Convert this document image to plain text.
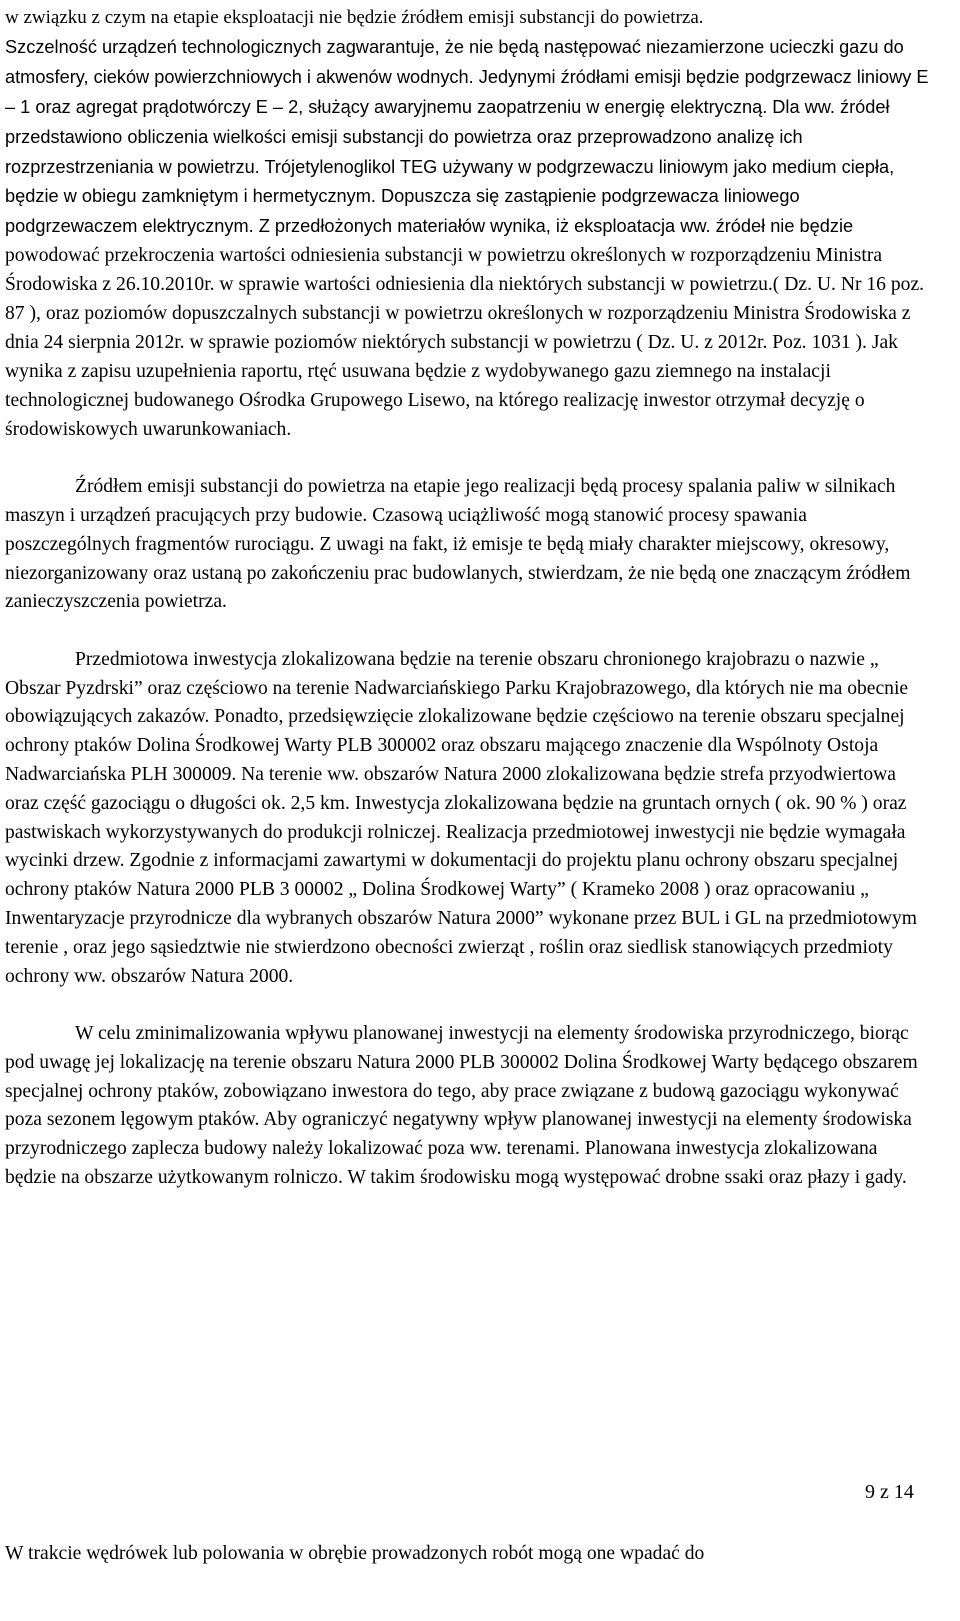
w związku z czym na etapie eksploatacji nie będzie źródłem emisji substancji do powietrza.
Szczelność urządzeń technologicznych zagwarantuje, że nie będą następować niezamierzone ucieczki gazu do atmosfery, cieków powierzchniowych i akwenów wodnych. Jedynymi źródłami emisji będzie podgrzewacz liniowy E – 1 oraz agregat prądotwórczy E – 2, służący awaryjnemu zaopatrzeniu w energię elektryczną. Dla ww. źródeł przedstawiono obliczenia wielkości emisji substancji do powietrza oraz przeprowadzono analizę ich rozprzestrzeniania w powietrzu. Trójetylenoglikol TEG używany w podgrzewaczu liniowym jako medium ciepła, będzie w obiegu zamkniętym i hermetycznym. Dopuszcza się zastąpienie podgrzewacza liniowego podgrzewaczem elektrycznym. Z przedłożonych materiałów wynika, iż eksploatacja ww. źródeł nie będzie powodować przekroczenia wartości odniesienia substancji w powietrzu określonych w rozporządzeniu Ministra Środowiska z 26.10.2010r. w sprawie wartości odniesienia dla niektórych substancji w powietrzu.( Dz. U. Nr 16 poz. 87 ), oraz poziomów dopuszczalnych substancji w powietrzu określonych w rozporządzeniu Ministra Środowiska z dnia 24 sierpnia 2012r. w sprawie poziomów niektórych substancji w powietrzu ( Dz. U. z 2012r. Poz. 1031 ). Jak wynika z zapisu uzupełnienia raportu, rtęć usuwana będzie z wydobywanego gazu ziemnego na instalacji technologicznej budowanego Ośrodka Grupowego Lisewo, na którego realizację inwestor otrzymał decyzję o środowiskowych uwarunkowaniach.

Źródłem emisji substancji do powietrza na etapie jego realizacji będą procesy spalania paliw w silnikach maszyn i urządzeń pracujących przy budowie. Czasową uciążliwość mogą stanowić procesy spawania poszczególnych fragmentów rurociągu. Z uwagi na fakt, iż emisje te będą miały charakter miejscowy, okresowy, niezorganizowany oraz ustaną po zakończeniu prac budowlanych, stwierdzam, że nie będą one znaczącym źródłem zanieczyszczenia powietrza.

Przedmiotowa inwestycja zlokalizowana będzie na terenie obszaru chronionego krajobrazu o nazwie „ Obszar Pyzdrski” oraz częściowo na terenie Nadwarciańskiego Parku Krajobrazowego, dla których nie ma obecnie obowiązujących zakazów. Ponadto, przedsięwzięcie zlokalizowane będzie częściowo na terenie obszaru specjalnej ochrony ptaków Dolina Środkowej Warty PLB 300002 oraz obszaru mającego znaczenie dla Wspólnoty Ostoja Nadwarciańska PLH 300009. Na terenie ww. obszarów Natura 2000 zlokalizowana będzie strefa przyodwiertowa oraz część gazociągu o długości ok. 2,5 km. Inwestycja zlokalizowana będzie na gruntach ornych ( ok. 90 % ) oraz pastwiskach wykorzystywanych do produkcji rolniczej. Realizacja przedmiotowej inwestycji nie będzie wymagała wycinki drzew. Zgodnie z informacjami zawartymi w dokumentacji do projektu planu ochrony obszaru specjalnej ochrony ptaków Natura 2000 PLB 3 00002 „ Dolina Środkowej Warty” ( Krameko 2008 ) oraz opracowaniu „ Inwentaryzacje przyrodnicze dla wybranych obszarów Natura 2000” wykonane przez BUL i GL na przedmiotowym terenie , oraz jego sąsiedztwie nie stwierdzono obecności zwierząt , roślin oraz siedlisk stanowiących przedmioty ochrony ww. obszarów Natura 2000.

W celu zminimalizowania wpływu planowanej inwestycji na elementy środowiska przyrodniczego, biorąc pod uwagę jej lokalizację na terenie obszaru Natura 2000 PLB 300002 Dolina Środkowej Warty będącego obszarem specjalnej ochrony ptaków, zobowiązano inwestora do tego, aby prace związane z budową gazociągu wykonywać poza sezonem lęgowym ptaków. Aby ograniczyć negatywny wpływ planowanej inwestycji na elementy środowiska przyrodniczego zaplecza budowy należy lokalizować poza ww. terenami. Planowana inwestycja zlokalizowana będzie na obszarze użytkowanym rolniczo. W takim środowisku mogą występować drobne ssaki oraz płazy i gady.

9 z 14
W trakcie wędrówek lub polowania w obrębie prowadzonych robót mogą one wpadać do
